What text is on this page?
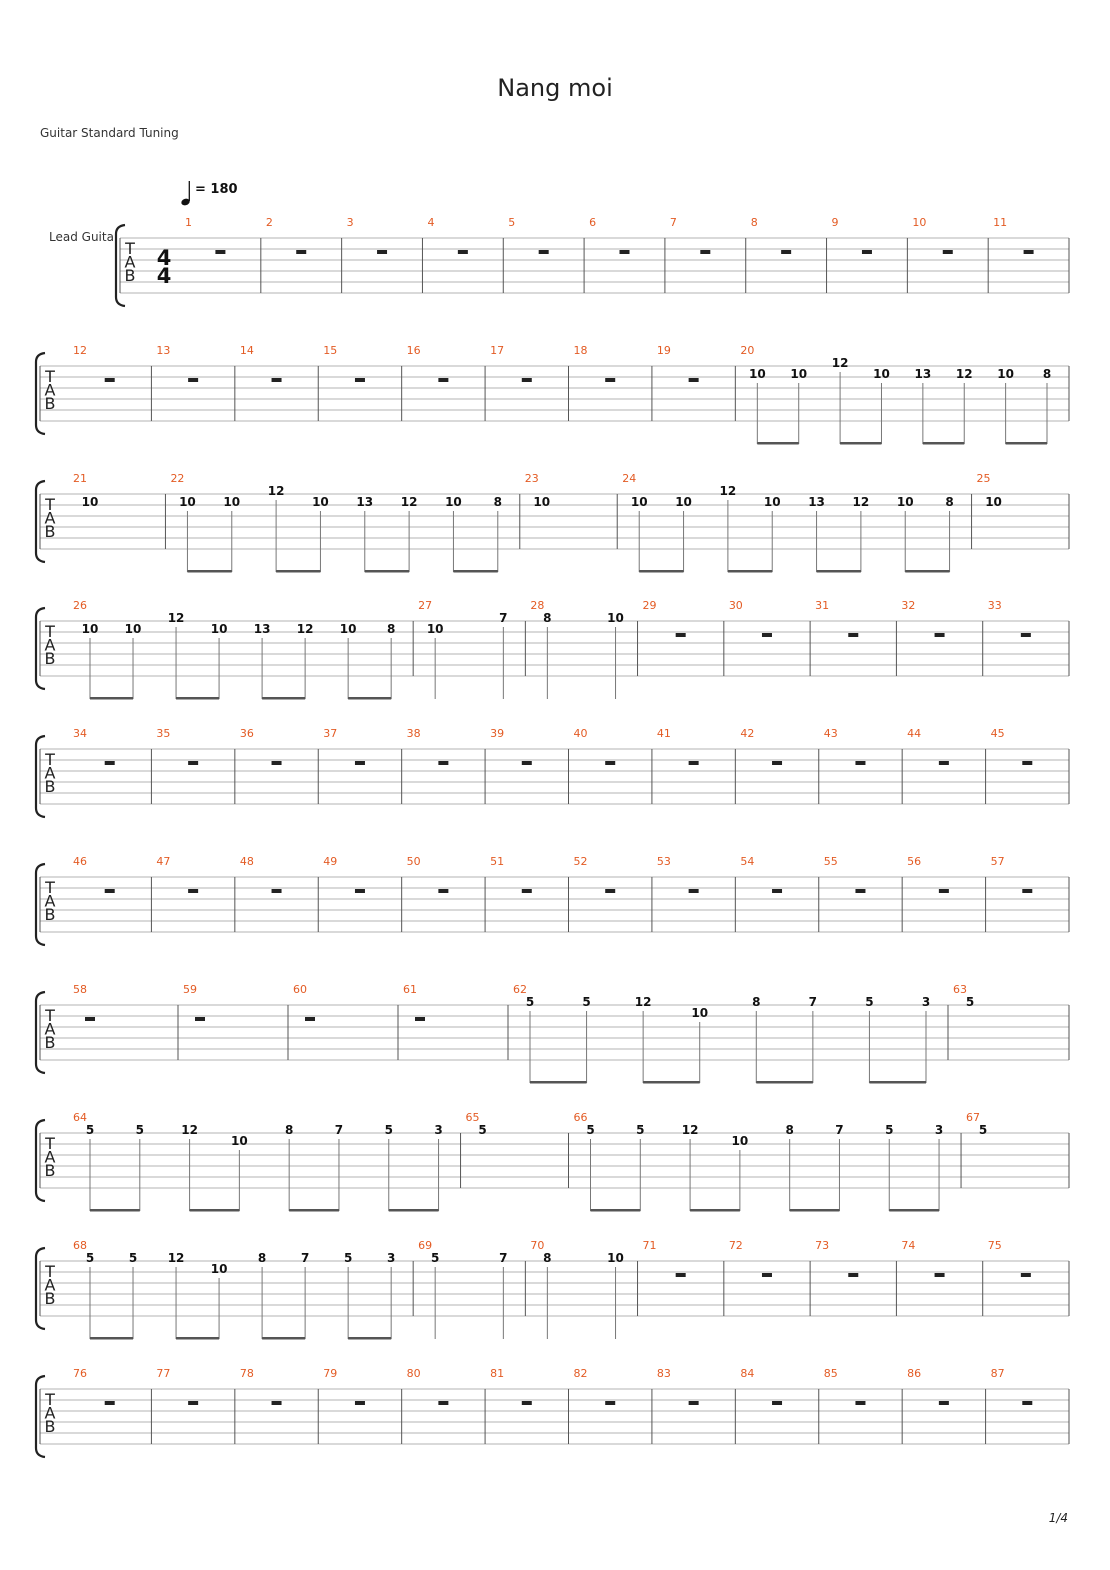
Nang moi
Guitar Standard Tuning
= 180
Lead Guita
T
A
B
4
4
1	2	3	4	5	6	7	8	9	10	11
T
A
B
12	13	14	15	16	17	18	19	20
10 10
12
10 13 12 10 8
T
A
B
21
10
22
10 10
12
10 13 12 10	8
23
10
24
10 10
12
10 13 12 10	8
25
10
T
A
B
26
10 10
12
10 13 12 10	8
27
10
7
28
8	10
29	30	31	32	33
T
A
B
34	35	36	37	38	39	40	41	42	43	44	45
T
A
B
46	47	48	49	50	51	52	53	54	55	56	57
T
A
B
58	59	60	61	62
5	5	12
10
8	7	5	3
63
5
T
A
B
64
5	5	12
10
8	7	5	3
65
5
66
5	5	12
10
8	7	5	3
67
5
T
A
B
68
5	5	12
10
8	7	5	3
69
5	7
70
8	10
71	72	73	74	75
T
A
B
76	77	78	79	80	81	82	83	84	85	86	87
1/4
